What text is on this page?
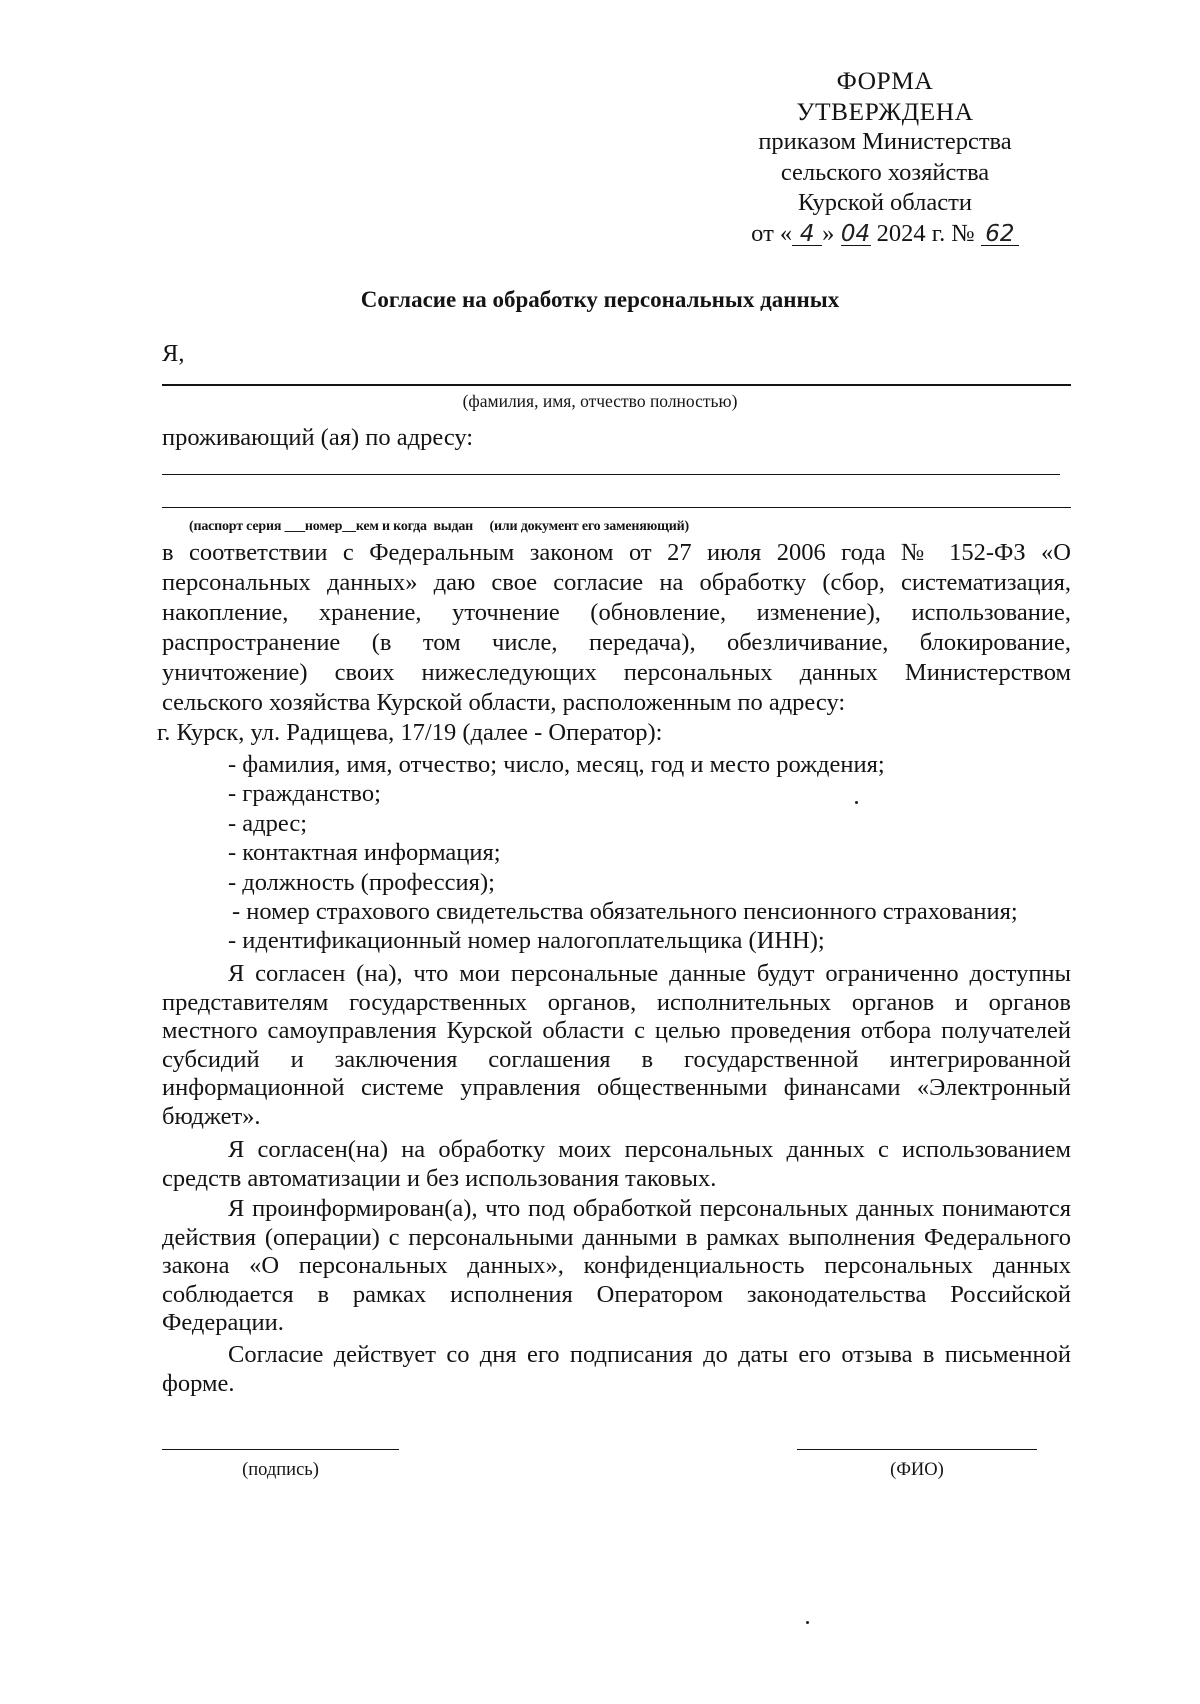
ФОРМА
УТВЕРЖДЕНА
приказом Министерства
сельского хозяйства
Курской области
от « 4 » 04 2024 г. № 62
Согласие на обработку персональных данных
Я,
(фамилия, имя, отчество полностью)
проживающий (ая) по адресу:
(паспорт серия ___номер__кем и когда  выдан     (или документ его заменяющий)
в соответствии с Федеральным законом от 27 июля 2006 года № 152-ФЗ «О
персональных данных» даю свое согласие на обработку (сбор, систематизация,
накопление, хранение, уточнение (обновление, изменение), использование,
распространение (в том числе, передача), обезличивание, блокирование,
уничтожение) своих нижеследующих персональных данных Министерством
сельского хозяйства Курской области, расположенным по адресу:
г. Курск, ул. Радищева, 17/19 (далее - Оператор):
- фамилия, имя, отчество; число, месяц, год и место рождения;
- гражданство;
- адрес;
- контактная информация;
- должность (профессия);
- номер страхового свидетельства обязательного пенсионного страхования;
- идентификационный номер налогоплательщика (ИНН);

Я согласен (на), что мои персональные данные будут ограниченно доступны представителям государственных органов, исполнительных органов и органов местного самоуправления Курской области с целью проведения отбора получателей субсидий и заключения соглашения в государственной интегрированной информационной системе управления общественными финансами «Электронный бюджет».

Я согласен(на) на обработку моих персональных данных с использованием средств автоматизации и без использования таковых.

Я проинформирован(а), что под обработкой персональных данных понимаются действия (операции) с персональными данными в рамках выполнения Федерального закона «О персональных данных», конфиденциальность персональных данных соблюдается в рамках исполнения Оператором законодательства Российской Федерации.

Согласие действует со дня его подписания до даты его отзыва в письменной форме.

(подпись)	(ФИО)
